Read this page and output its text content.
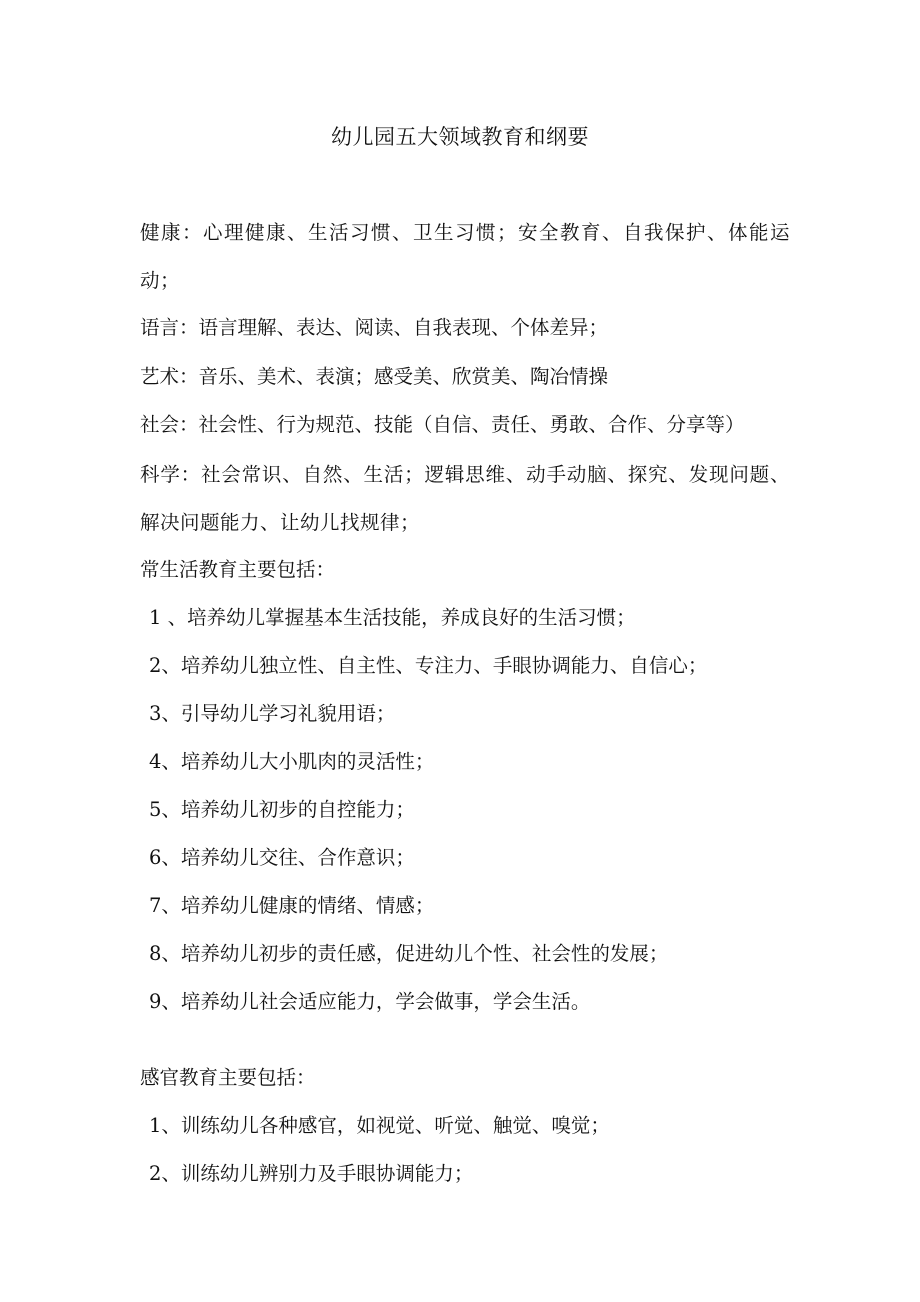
幼儿园五大领域教育和纲要
健康：心理健康、生活习惯、卫生习惯；安全教育、自我保护、体能运动；
语言：语言理解、表达、阅读、自我表现、个体差异；
艺术：音乐、美术、表演；感受美、欣赏美、陶冶情操
社会：社会性、行为规范、技能（自信、责任、勇敢、合作、分享等）
科学：社会常识、自然、生活；逻辑思维、动手动脑、探究、发现问题、解决问题能力、让幼儿找规律；
常生活教育主要包括：
1 、培养幼儿掌握基本生活技能，养成良好的生活习惯；
2、培养幼儿独立性、自主性、专注力、手眼协调能力、自信心；
3、引导幼儿学习礼貌用语；
4、培养幼儿大小肌肉的灵活性；
5、培养幼儿初步的自控能力；
6、培养幼儿交往、合作意识；
7、培养幼儿健康的情绪、情感；
8、培养幼儿初步的责任感，促进幼儿个性、社会性的发展；
9、培养幼儿社会适应能力，学会做事，学会生活。
感官教育主要包括：
1、训练幼儿各种感官，如视觉、听觉、触觉、嗅觉；
2、训练幼儿辨别力及手眼协调能力；
